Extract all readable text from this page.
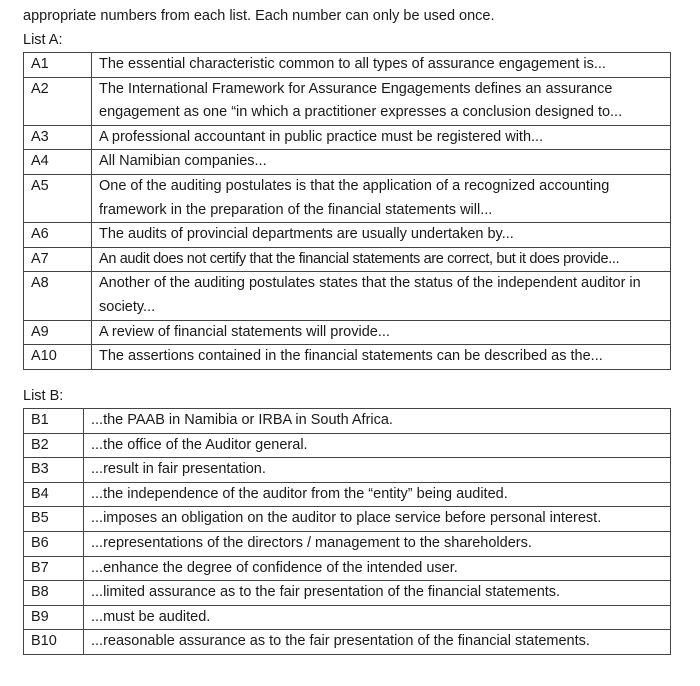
appropriate numbers from each list. Each number can only be used once.
List A:
A1	The essential characteristic common to all types of assurance engagement is...
A2	The International Framework for Assurance Engagements defines an assurance engagement as one “in which a practitioner expresses a conclusion designed to...
A3	A professional accountant in public practice must be registered with...
A4	All Namibian companies...
A5	One of the auditing postulates is that the application of a recognized accounting framework in the preparation of the financial statements will...
A6	The audits of provincial departments are usually undertaken by...
A7	An audit does not certify that the financial statements are correct, but it does provide...
A8	Another of the auditing postulates states that the status of the independent auditor in society...
A9	A review of financial statements will provide...
A10	The assertions contained in the financial statements can be described as the...
List B:
B1	...the PAAB in Namibia or IRBA in South Africa.
B2	...the office of the Auditor general.
B3	...result in fair presentation.
B4	...the independence of the auditor from the “entity” being audited.
B5	...imposes an obligation on the auditor to place service before personal interest.
B6	...representations of the directors / management to the shareholders.
B7	...enhance the degree of confidence of the intended user.
B8	...limited assurance as to the fair presentation of the financial statements.
B9	...must be audited.
B10	...reasonable assurance as to the fair presentation of the financial statements.
